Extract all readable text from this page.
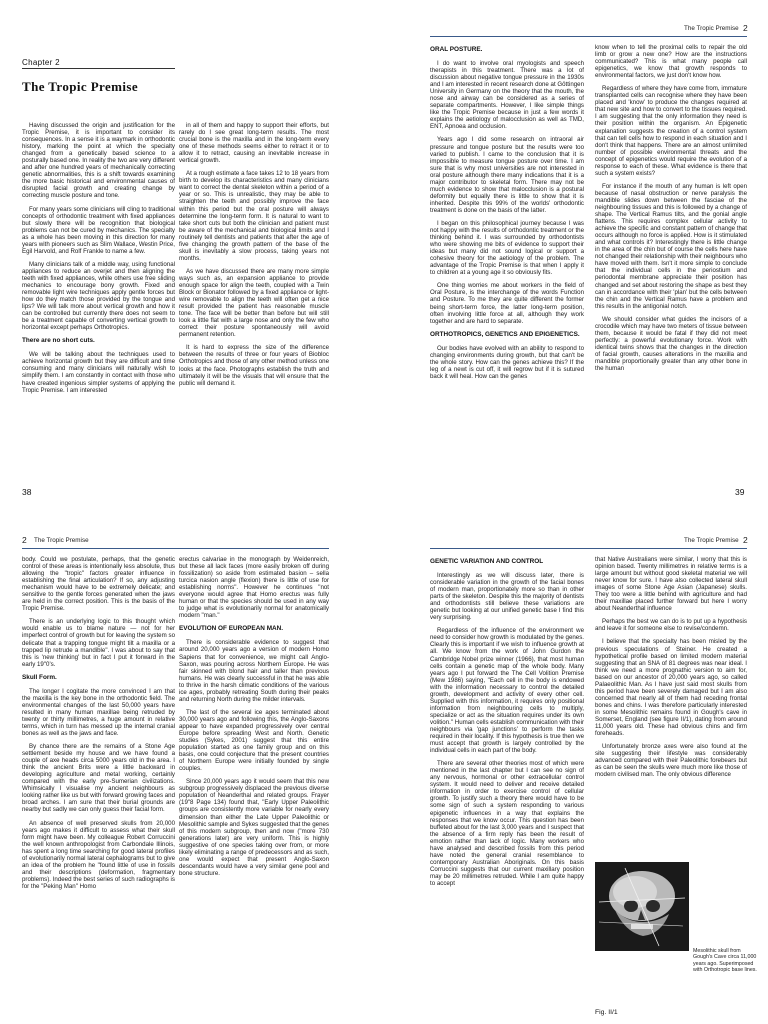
Chapter 2
The Tropic Premise

Having discussed the origin and justification for the Tropic Premise, it is important to consider its consequences. In a sense it is a waymark in orthodontic history, marking the point at which the specialty changed from a genetically based science to a posturally based one. In reality the two are very different and after one hundred years of mechanically correcting genetic abnormalities, this is a shift towards examining the more basic historical and environmental causes of disrupted facial growth and creating change by correcting muscle posture and tone.

For many years some clinicians will cling to traditional concepts of orthodontic treatment with fixed appliances but slowly there will be recognition that biological problems can not be cured by mechanics. The specialty as a whole has been moving in this direction for many years with pioneers such as Slim Wallace, Westin Price, Egil Harvold, and Rolf Frankle to name a few.

Many clinicians talk of a middle way, using functional appliances to reduce an overjet and then aligning the teeth with fixed appliances, while others use free sliding mechanics to encourage bony growth. Fixed and removable light wire techniques apply gentle forces but how do they match those provided by the tongue and lips? We will talk more about vertical growth and how it can be controlled but currently there does not seem to be a treatment capable of converting vertical growth to horizontal except perhaps Orthotropics.

There are no short cuts.

We will be talking about the techniques used to achieve horizontal growth but they are difficult and time consuming and many clinicians will naturally wish to simplify them. I am constantly in contact with those who have created ingenious simpler systems of applying the Tropic Premise. I am interested

in all of them and happy to support their efforts, but rarely do I see great long-term results. The most crucial bone is the maxilla and in the long-term every one of these methods seems either to retract it or to allow it to retract, causing an inevitable increase in vertical growth.

At a rough estimate a face takes 12 to 18 years from birth to develop its characteristics and many clinicians want to correct the dental skeleton within a period of a year or so. This is unrealistic, they may be able to straighten the teeth and possibly improve the face within this period but the oral posture will always determine the long-term form. It is natural to want to take short cuts but both the clinician and patient must be aware of the mechanical and biological limits and I routinely tell dentists and patients that after the age of five changing the growth pattern of the base of the skull is inevitably a slow process, taking years not months.

As we have discussed there are many more simple ways such as, an expansion appliance to provide enough space for align the teeth, coupled with a Twin Block or Bionator followed by a fixed appliance or light-wire removable to align the teeth will often get a nice result provided the patient has reasonable muscle tone. The face will be better than before but will still look a little flat with a large nose and only the few who correct their posture spontaneously will avoid permanent retention.

It is hard to express the size of the difference between the results of three or four years of Biobloc Orthotropics and those of any other method unless one looks at the face. Photographs establish the truth and ultimately it will be the visuals that will ensure that the public will demand it.

38
The Tropic Premise 2
ORAL POSTURE.

I do want to involve oral myologists and speech therapists in this treatment. There was a lot of discussion about negative tongue pressure in the 1930s and I am interested in recent research done at Göttingen University in Germany on the theory that the mouth, the nose and airway can be considered as a series of separate compartments. However, I like simple things like the Tropic Premise because in just a few words it explains the aetiology of malocclusion as well as TMD, ENT, Apnoea and occlusion.

Years ago I did some research on intraoral air pressure and tongue posture but the results were too varied to publish. I came to the conclusion that it is impossible to measure tongue posture over time. I am sure that is why most universities are not interested in oral posture although there many indications that it is a major contributor to skeletal form. There may not be much evidence to show that malocclusion is a postural deformity but equally there is little to show that it is inherited. Despite this 99% of the worlds' orthodontic treatment is done on the basis of the latter.

I began on this philosophical journey because I was not happy with the results of orthodontic treatment or the thinking behind it. I was surrounded by orthodontists who were showing me bits of evidence to support their ideas but many did not sound logical or support a cohesive theory for the aetiology of the problem. The advantage of the Tropic Premise is that when I apply it to children at a young age it so obviously fits.

One thing worries me about workers in the field of Oral Posture, is the interchange of the words Function and Posture. To me they are quite different the former being short-term force, the latter long-term position, often involving little force at all, although they work together and are hard to separate.

ORTHOTROPICS, GENETICS AND EPIGENETICS.

Our bodies have evolved with an ability to respond to changing environments during growth, but that can't be the whole story. How can the genes achieve this? If the leg of a newt is cut off, it will regrow but if it is sutured back it will heal. How can the genes

know when to tell the proximal cells to repair the old limb or grow a new one? How are the instructions communicated? This is what many people call epigenetics, we know that growth responds to environmental factors, we just don't know how.

Regardless of where they have come from, immature transplanted cells can recognise where they have been placed and 'know' to produce the changes required at that new site and how to convert to the tissues required. I am suggesting that the only information they need is their position within the organism. An Epigenetic explanation suggests the creation of a control system that can tell cells how to respond in each situation and I don't think that happens. There are an almost unlimited number of possible environmental threats and the concept of epigenetics would require the evolution of a response to each of these. What evidence is there that such a system exists?

For instance if the mouth of any human is left open because of nasal obstruction or nerve paralysis the mandible slides down between the fasciae of the neighbouring tissues and this is followed by a change of shape. The Vertical Ramus tilts, and the gonial angle flattens. This requires complex cellular activity to achieve the specific and constant pattern of change that occurs although no force is applied. How is it stimulated and what controls it? Interestingly there is little change in the area of the chin but of course the cells here have not changed their relationship with their neighbours who have moved with them. Isn't it more simple to conclude that the individual cells in the periostium and periodontal membrane appreciate their position has changed and set about restoring the shape as best they can in accordance with their 'plan' but the cells between the chin and the Vertical Ramus have a problem and this results in the antigonial notch.

We should consider what guides the incisors of a crocodile which may have two meters of tissue between them, because it would be fatal if they did not meet perfectly: a powerful evolutionary force. Work with identical twins shows that the changes in the direction of facial growth, causes alterations in the maxilla and mandible proportionally greater than any other bone in the human

39
2 The Tropic Premise

body. Could we postulate, perhaps, that the genetic control of these areas is intentionally less absolute, thus allowing the "tropic" factors greater influence in establishing the final articulation? If so, any adjusting mechanism would have to be extremely delicate; and sensitive to the gentle forces generated when the jaws are held in the correct position. This is the basis of the Tropic Premise.

There is an underlying logic to this thought which would enable us to blame nature — not for her imperfect control of growth but for leaving the system so delicate that a trapping tongue might tilt a maxilla or a trapped lip retrude a mandible". I was about to say that this is 'new thinking' but in fact I put it forward in the early 19"0's.

Skull Form.

The longer I cogitate the more convinced I am that the maxilla is the key bone in the orthodontic field. The environmental changes of the last 50,000 years have resulted in many human maxillae being retruded by twenty or thirty millimetres, a huge amount in relative terms, which in turn has messed up the internal cranial bones as well as the jaws and face.

By chance there are the remains of a Stone Age settlement beside my house and we have found a couple of axe heads circa 5000 years old in the area. I think the ancient Brits were a little backward in developing agriculture and metal working, certainly compared with the early pre-Sumerian civilizations. Whimsically I visualise my ancient neighbours as looking rather like us but with forward growing faces and broad arches. I am sure that their burial grounds are nearby but sadly we can only guess their facial form.

An absence of well preserved skulls from 20,000 years ago makes it difficult to assess what their skull form might have been. My colleague Robert Corruccini the well known anthropologist from Carbondale Illinois, has spent a long time searching for good lateral profiles of evolutionarily normal lateral cephalograms but to give an idea of the problem he "found little of use in fossils and their descriptions (deformation, fragmentary problems). Indeed the best series of such radiographs is for the "Peking Man" Homo

erectus calvariae in the monograph by Weidenreich, but these all lack faces (more easily broken off during fossilization) so aside from estimated basion – sella turcica nasion angle (flexion) there is little of use for establishing norms". However he continues "not everyone would agree that Homo erectus was fully human or that the species should be used in any way to judge what is evolutionarily normal for anatomically modern "man."

EVOLUTION OF EUROPEAN MAN.

There is considerable evidence to suggest that around 20,000 years ago a version of modern Homo Sapiens that for convenience, we might call Anglo-Saxon, was pouring across Northern Europe. He was fair skinned with blond hair and taller than previous humans. He was clearly successful in that he was able to thrive in the harsh climatic conditions of the various ice ages, probably retreating South during their peaks and returning North during the milder intervals.

The last of the several ice ages terminated about 30,000 years ago and following this, the Anglo-Saxons appear to have expanded progressively over central Europe before spreading West and North. Genetic studies (Sykes, 2001) suggest that this entire population started as one family group and on this basis, one could conjecture that the present countries of Northern Europe were initially founded by single couples.

Since 20,000 years ago it would seem that this new subgroup progressively displaced the previous diverse population of Neanderthal and related groups. Frayer (19"8 Page 134) found that, "Early Upper Paleolithic groups are consistently more variable for nearly every dimension than either the Late Upper Paleolithic or Mesolithic sample and Sykes suggested that the genes of this modern subgroup, then and now ("more 730 generations later) are very uniform. This is highly suggestive of one species taking over from, or more likely eliminating a range of predecessors and as such, one would expect that present Anglo-Saxon descendants would have a very similar gene pool and bone structure.

The Tropic Premise 2
GENETIC VARIATION AND CONTROL

Interestingly as we will discuss later, there is considerable variation in the growth of the facial bones of modern man, proportionately more so than in other parts of the skeleton. Despite this the majority of dentists and orthodontists still believe these variations are genetic but looking at our unified genetic base I find this very surprising.

Regardless of the influence of the environment we need to consider how growth is modulated by the genes. Clearly this is important if we wish to influence growth at all. We know from the work of John Gurdon the Cambridge Nobel prize winner (1966), that most human cells contain a genetic map of the whole body. Many years ago I put forward the The Cell Volition Premise (Mew 1986) saying, "Each cell in the body is endowed with the information necessary to control the detailed growth, development and activity of every other cell. Supplied with this information, it requires only positional information from neighbouring cells to multiply, specialize or act as the situation requires under its own volition." Human cells establish communication with their neighbours via 'gap junctions' to perform the tasks required in their locality. If this hypothesis is true then we must accept that growth is largely controlled by the individual cells in each part of the body.

There are several other theories most of which were mentioned in the last chapter but I can see no sign of any nervous, hormonal or other extracellular control system. It would need to deliver and receive detailed information in order to exercise control of cellular growth. To justify such a theory there would have to be some sign of such a system responding to various epigenetic influences in a way that explains the responses that we know occur. This question has been buffeted about for the last 3,000 years and I suspect that the absence of a firm reply has been the result of emotion rather than lack of logic. Many workers who have analysed and described fossils from this period have noted the general cranial resemblance to contemporary Australian Aboriginals. On this basis Corruccini suggests that our current maxillary position may be 20 millimetres retruded. While I am quite happy to accept

that Native Australians were similar, I worry that this is opinion based. Twenty millimetres in relative terms is a large amount but without good skeletal material we will never know for sure. I have also collected lateral skull images of some Stone Age Asian (Japanese) skulls. They too were a little behind with agriculture and had their maxillae placed further forward but here I worry about Neanderthal influence

Perhaps the best we can do is to put up a hypothesis and leave it for someone else to revise/condemn.

I believe that the specialty has been misled by the previous speculations of Steiner. He created a hypothetical profile based on limited modern material suggesting that an SNA of 81 degrees was near ideal. I think we need a more prognathic version to aim for, based on our ancestor of 20,000 years ago, so called Palaeolithic Man. As I have just said most skulls from this period have been severely damaged but I am also concerned that nearly all of them had receding frontal bones and chins. I was therefore particularly interested in some Mesolithic remains found in Gough's cave in Somerset, England (see figure II/1), dating from around 11,000 years old. These had obvious chins and firm foreheads.

Unfortunately bronze axes were also found at the site suggesting their lifestyle was considerably advanced compared with their Paleolithic forebears but as can be seen the skulls were much more like those of modern civilised man. The only obvious difference

Mesolithic skull from Gough's Cave circa 11,000 years ago. Superimposed with Orthotropic base lines.
Fig. II/1
